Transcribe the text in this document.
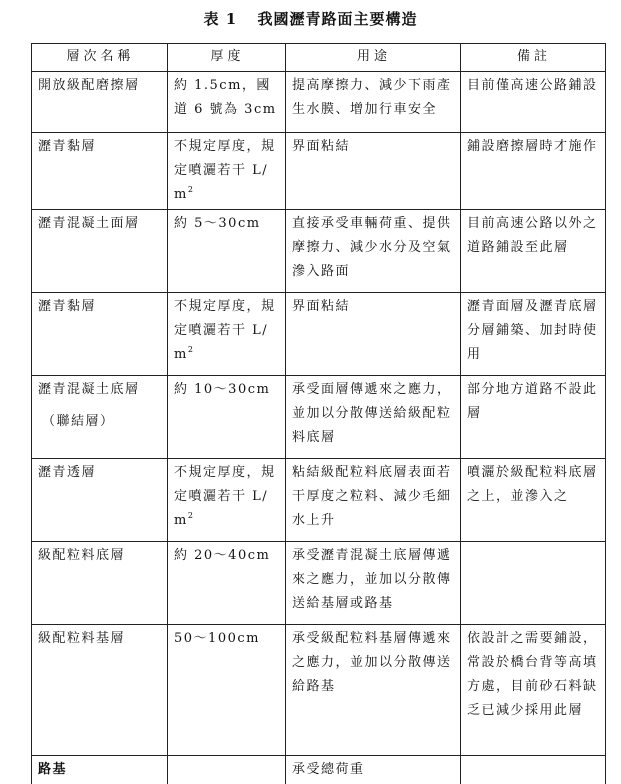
表 1 我國瀝青路面主要構造
層次名稱	厚度	用途	備註
開放級配磨擦層	約 1.5cm，國道 6 號為 3cm	提高摩擦力、減少下雨產生水膜、增加行車安全	目前僅高速公路鋪設
瀝青黏層	不規定厚度，規定噴灑若干 $L/m^2$	界面粘結	鋪設磨擦層時才施作
瀝青混凝土面層	約 5～30cm	直接承受車輛荷重、提供摩擦力、減少水分及空氣滲入路面	目前高速公路以外之道路鋪設至此層
瀝青黏層	不規定厚度，規定噴灑若干 $L/m^2$	界面粘結	瀝青面層及瀝青底層分層鋪築、加封時使用
瀝青混凝土底層
（聯結層）	約 10～30cm	承受面層傳遞來之應力，並加以分散傳送給級配粒料底層	部分地方道路不設此層
瀝青透層	不規定厚度，規定噴灑若干 $L/m^2$	粘結級配粒料底層表面若干厚度之粒料、減少毛細水上升	噴灑於級配粒料底層之上，並滲入之
級配粒料底層	約 20～40cm	承受瀝青混凝土底層傳遞來之應力，並加以分散傳送給基層或路基	
級配粒料基層	50～100cm	承受級配粒料基層傳遞來之應力，並加以分散傳送給路基	依設計之需要鋪設，常設於橋台背等高填方處，目前砂石料缺乏已減少採用此層
路基		承受總荷重	
